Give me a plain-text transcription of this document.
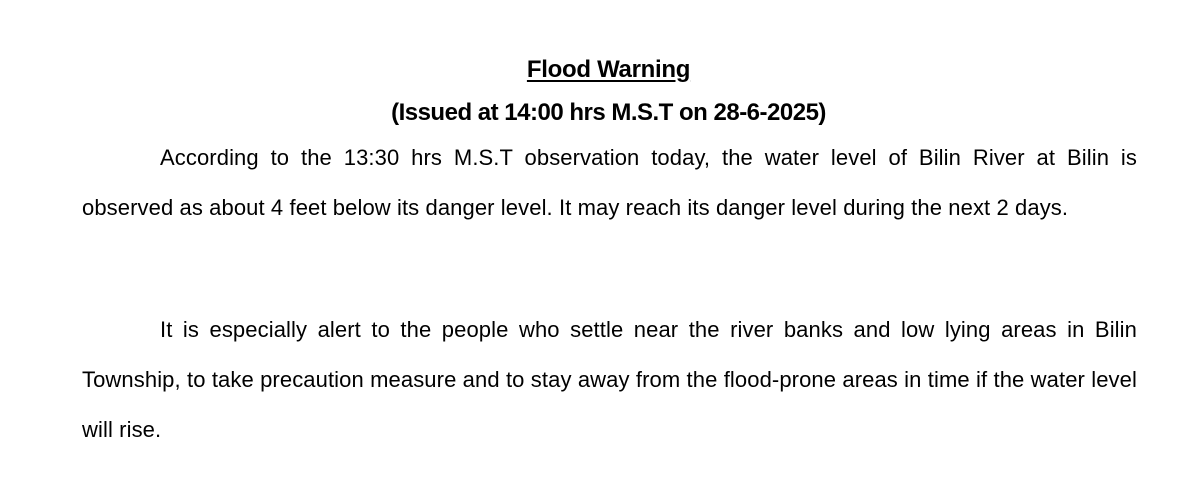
Flood Warning
(Issued at 14:00 hrs M.S.T on 28-6-2025)

According to the 13:30 hrs M.S.T observation today, the water level of Bilin River at Bilin is observed as about 4 feet below its danger level. It may reach its danger level during the next 2 days.

It is especially alert to the people who settle near the river banks and low lying areas in Bilin Township, to take precaution measure and to stay away from the flood-prone areas in time if the water level will rise.
